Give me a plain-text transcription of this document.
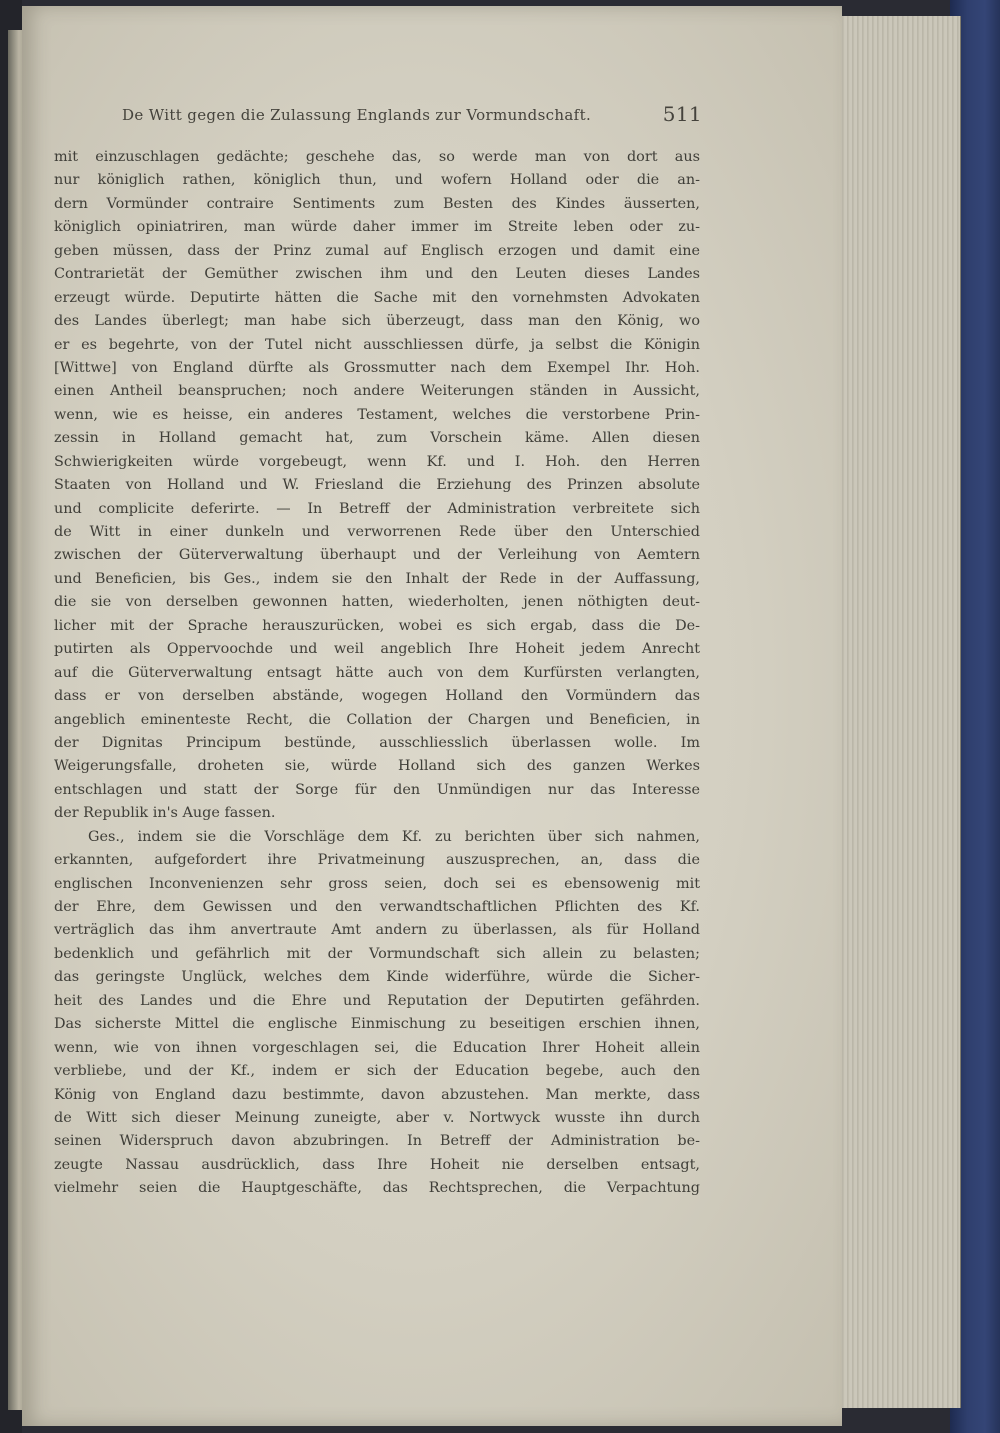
De Witt gegen die Zulassung Englands zur Vormundschaft.	511
mit einzuschlagen gedächte; geschehe das, so werde man von dort aus
nur königlich rathen, königlich thun, und wofern Holland oder die an-
dern Vormünder contraire Sentiments zum Besten des Kindes äusserten,
königlich opiniatriren, man würde daher immer im Streite leben oder zu-
geben müssen, dass der Prinz zumal auf Englisch erzogen und damit eine
Contrarietät der Gemüther zwischen ihm und den Leuten dieses Landes
erzeugt würde. Deputirte hätten die Sache mit den vornehmsten Advokaten
des Landes überlegt; man habe sich überzeugt, dass man den König, wo
er es begehrte, von der Tutel nicht ausschliessen dürfe, ja selbst die Königin
[Wittwe] von England dürfte als Grossmutter nach dem Exempel Ihr. Hoh.
einen Antheil beanspruchen; noch andere Weiterungen ständen in Aussicht,
wenn, wie es heisse, ein anderes Testament, welches die verstorbene Prin-
zessin in Holland gemacht hat, zum Vorschein käme. Allen diesen
Schwierigkeiten würde vorgebeugt, wenn Kf. und I. Hoh. den Herren
Staaten von Holland und W. Friesland die Erziehung des Prinzen absolute
und complicite deferirte. — In Betreff der Administration verbreitete sich
de Witt in einer dunkeln und verworrenen Rede über den Unterschied
zwischen der Güterverwaltung überhaupt und der Verleihung von Aemtern
und Beneficien, bis Ges., indem sie den Inhalt der Rede in der Auffassung,
die sie von derselben gewonnen hatten, wiederholten, jenen nöthigten deut-
licher mit der Sprache herauszurücken, wobei es sich ergab, dass die De-
putirten als Oppervoochde und weil angeblich Ihre Hoheit jedem Anrecht
auf die Güterverwaltung entsagt hätte auch von dem Kurfürsten verlangten,
dass er von derselben abstände, wogegen Holland den Vormündern das
angeblich eminenteste Recht, die Collation der Chargen und Beneficien, in
der Dignitas Principum bestünde, ausschliesslich überlassen wolle. Im
Weigerungsfalle, droheten sie, würde Holland sich des ganzen Werkes
entschlagen und statt der Sorge für den Unmündigen nur das Interesse
der Republik in's Auge fassen.
Ges., indem sie die Vorschläge dem Kf. zu berichten über sich nahmen,
erkannten, aufgefordert ihre Privatmeinung auszusprechen, an, dass die
englischen Inconvenienzen sehr gross seien, doch sei es ebensowenig mit
der Ehre, dem Gewissen und den verwandtschaftlichen Pflichten des Kf.
verträglich das ihm anvertraute Amt andern zu überlassen, als für Holland
bedenklich und gefährlich mit der Vormundschaft sich allein zu belasten;
das geringste Unglück, welches dem Kinde widerführe, würde die Sicher-
heit des Landes und die Ehre und Reputation der Deputirten gefährden.
Das sicherste Mittel die englische Einmischung zu beseitigen erschien ihnen,
wenn, wie von ihnen vorgeschlagen sei, die Education Ihrer Hoheit allein
verbliebe, und der Kf., indem er sich der Education begebe, auch den
König von England dazu bestimmte, davon abzustehen. Man merkte, dass
de Witt sich dieser Meinung zuneigte, aber v. Nortwyck wusste ihn durch
seinen Widerspruch davon abzubringen. In Betreff der Administration be-
zeugte Nassau ausdrücklich, dass Ihre Hoheit nie derselben entsagt,
vielmehr seien die Hauptgeschäfte, das Rechtsprechen, die Verpachtung
